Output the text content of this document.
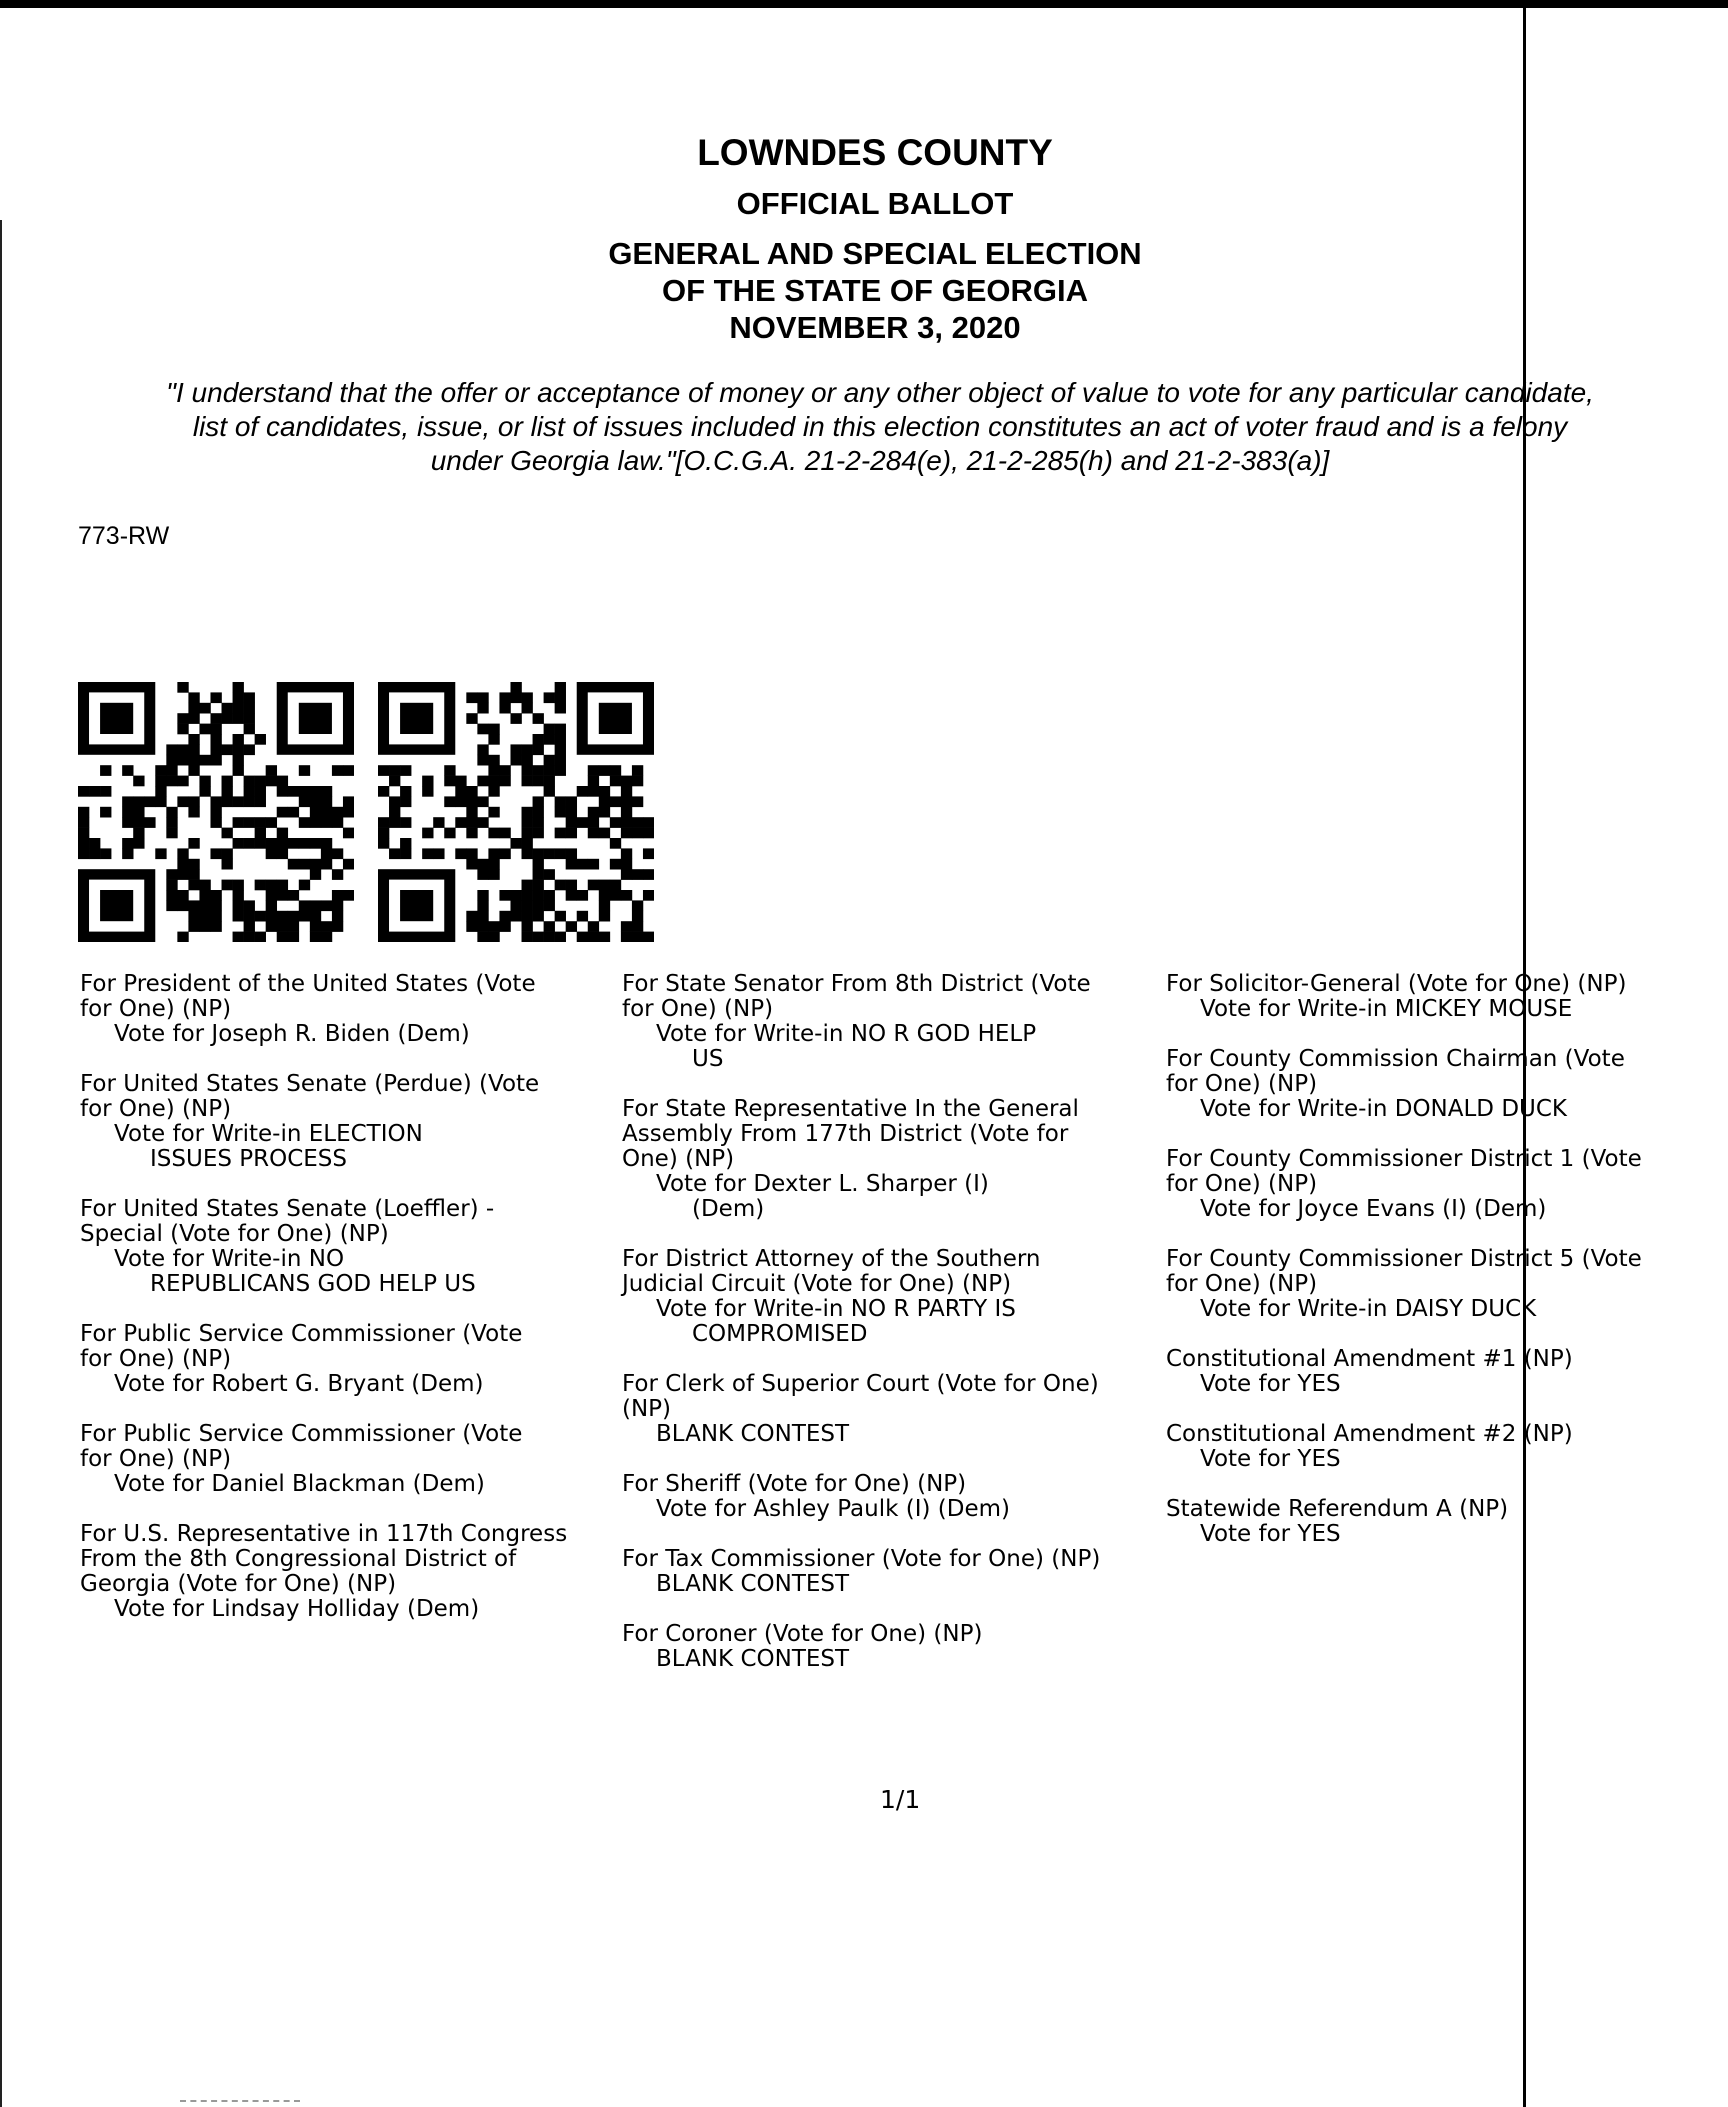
LOWNDES COUNTY
OFFICIAL BALLOT
GENERAL AND SPECIAL ELECTION
OF THE STATE OF GEORGIA
NOVEMBER 3, 2020
"I understand that the offer or acceptance of money or any other object of value to vote for any particular candidate,
list of candidates, issue, or list of issues included in this election constitutes an act of voter fraud and is a felony
under Georgia law."[O.C.G.A. 21-2-284(e), 21-2-285(h) and 21-2-383(a)]
773-RW
For President of the United States (Vote
for One) (NP)
Vote for Joseph R. Biden (Dem)
For United States Senate (Perdue) (Vote
for One) (NP)
Vote for Write-in ELECTION
ISSUES PROCESS
For United States Senate (Loeffler) -
Special (Vote for One) (NP)
Vote for Write-in NO
REPUBLICANS GOD HELP US
For Public Service Commissioner (Vote
for One) (NP)
Vote for Robert G. Bryant (Dem)
For Public Service Commissioner (Vote
for One) (NP)
Vote for Daniel Blackman (Dem)
For U.S. Representative in 117th Congress
From the 8th Congressional District of
Georgia (Vote for One) (NP)
Vote for Lindsay Holliday (Dem)
For State Senator From 8th District (Vote
for One) (NP)
Vote for Write-in NO R GOD HELP
US
For State Representative In the General
Assembly From 177th District (Vote for
One) (NP)
Vote for Dexter L. Sharper (I)
(Dem)
For District Attorney of the Southern
Judicial Circuit (Vote for One) (NP)
Vote for Write-in NO R PARTY IS
COMPROMISED
For Clerk of Superior Court (Vote for One)
(NP)
BLANK CONTEST
For Sheriff (Vote for One) (NP)
Vote for Ashley Paulk (I) (Dem)
For Tax Commissioner (Vote for One) (NP)
BLANK CONTEST
For Coroner (Vote for One) (NP)
BLANK CONTEST
For Solicitor-General (Vote for One) (NP)
Vote for Write-in MICKEY MOUSE
For County Commission Chairman (Vote
for One) (NP)
Vote for Write-in DONALD DUCK
For County Commissioner District 1 (Vote
for One) (NP)
Vote for Joyce Evans (I) (Dem)
For County Commissioner District 5 (Vote
for One) (NP)
Vote for Write-in DAISY DUCK
Constitutional Amendment #1 (NP)
Vote for YES
Constitutional Amendment #2 (NP)
Vote for YES
Statewide Referendum A (NP)
Vote for YES
1/1
